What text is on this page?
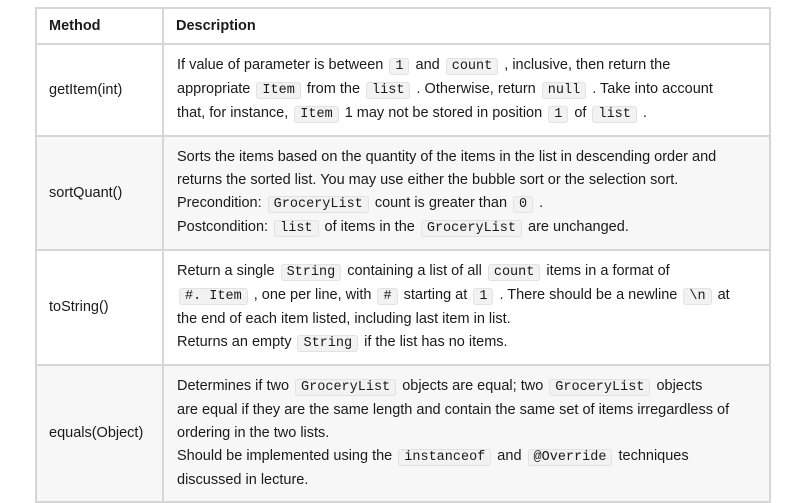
Method	Description
getItem(int)	If value of parameter is between 1 and count , inclusive, then return the
appropriate Item from the list . Otherwise, return null . Take into account
that, for instance, Item 1 may not be stored in position 1 of list .

sortQuant()	Sorts the items based on the quantity of the items in the list in descending order and
returns the sorted list. You may use either the bubble sort or the selection sort.
Precondition: GroceryList count is greater than 0 .
Postcondition: list of items in the GroceryList are unchanged.

toString()	Return a single String containing a list of all count items in a format of
#. Item , one per line, with # starting at 1 . There should be a newline \n at
the end of each item listed, including last item in list.
Returns an empty String if the list has no items.

equals(Object)	Determines if two GroceryList objects are equal; two GroceryList objects
are equal if they are the same length and contain the same set of items irregardless of
ordering in the two lists.
Should be implemented using the instanceof and @Override techniques
discussed in lecture.
